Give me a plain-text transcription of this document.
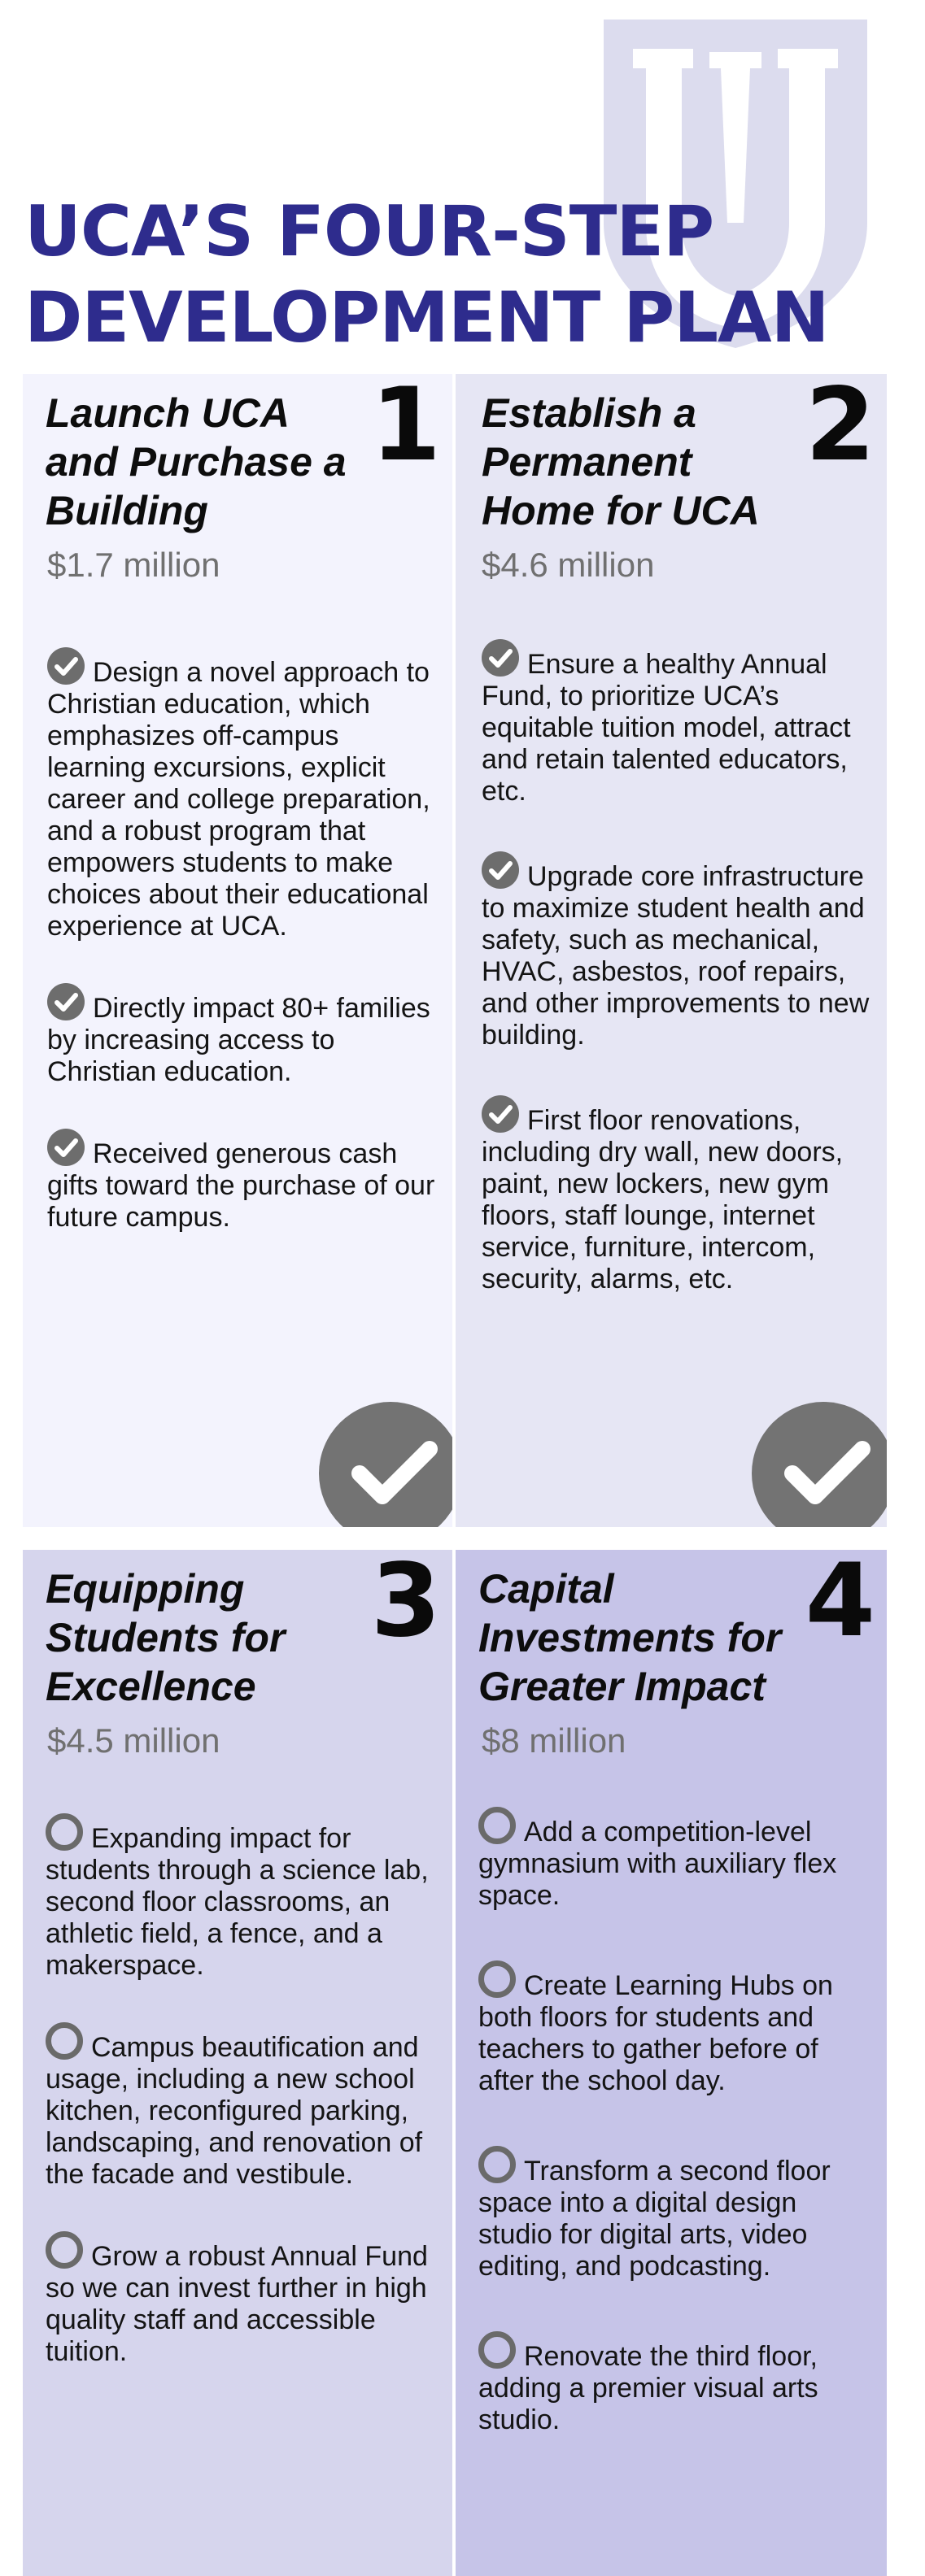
UCA’S FOUR-STEP
DEVELOPMENT PLAN
1
Launch UCA and Purchase a Building
$1.7 million
Design a novel approach to Christian education, which emphasizes off-campus learning excursions, explicit career and college preparation, and a robust program that empowers students to make choices about their educational experience at UCA.
Directly impact 80+ families by increasing access to Christian education.
Received generous cash gifts toward the purchase of our future campus.
2
Establish a Permanent Home for UCA
$4.6 million
Ensure a healthy Annual Fund, to prioritize UCA’s equitable tuition model, attract and retain talented educators, etc.
Upgrade core infrastructure to maximize student health and safety, such as mechanical, HVAC, asbestos, roof repairs, and other improvements to new building.
First floor renovations, including dry wall, new doors, paint, new lockers, new gym floors, staff lounge, internet service, furniture, intercom, security, alarms, etc.
3
Equipping Students for Excellence
$4.5 million
Expanding impact for students through a science lab, second floor classrooms, an athletic field, a fence, and a makerspace.
Campus beautification and usage, including a new school kitchen, reconfigured parking, landscaping, and renovation of the facade and vestibule.
Grow a robust Annual Fund so we can invest further in high quality staff and accessible tuition.
4
Capital Investments for Greater Impact
$8 million
Add a competition-level gymnasium with auxiliary flex space.
Create Learning Hubs on both floors for students and teachers to gather before of after the school day.
Transform a second floor space into a digital design studio for digital arts, video editing, and podcasting.
Renovate the third floor, adding a premier visual arts studio.
